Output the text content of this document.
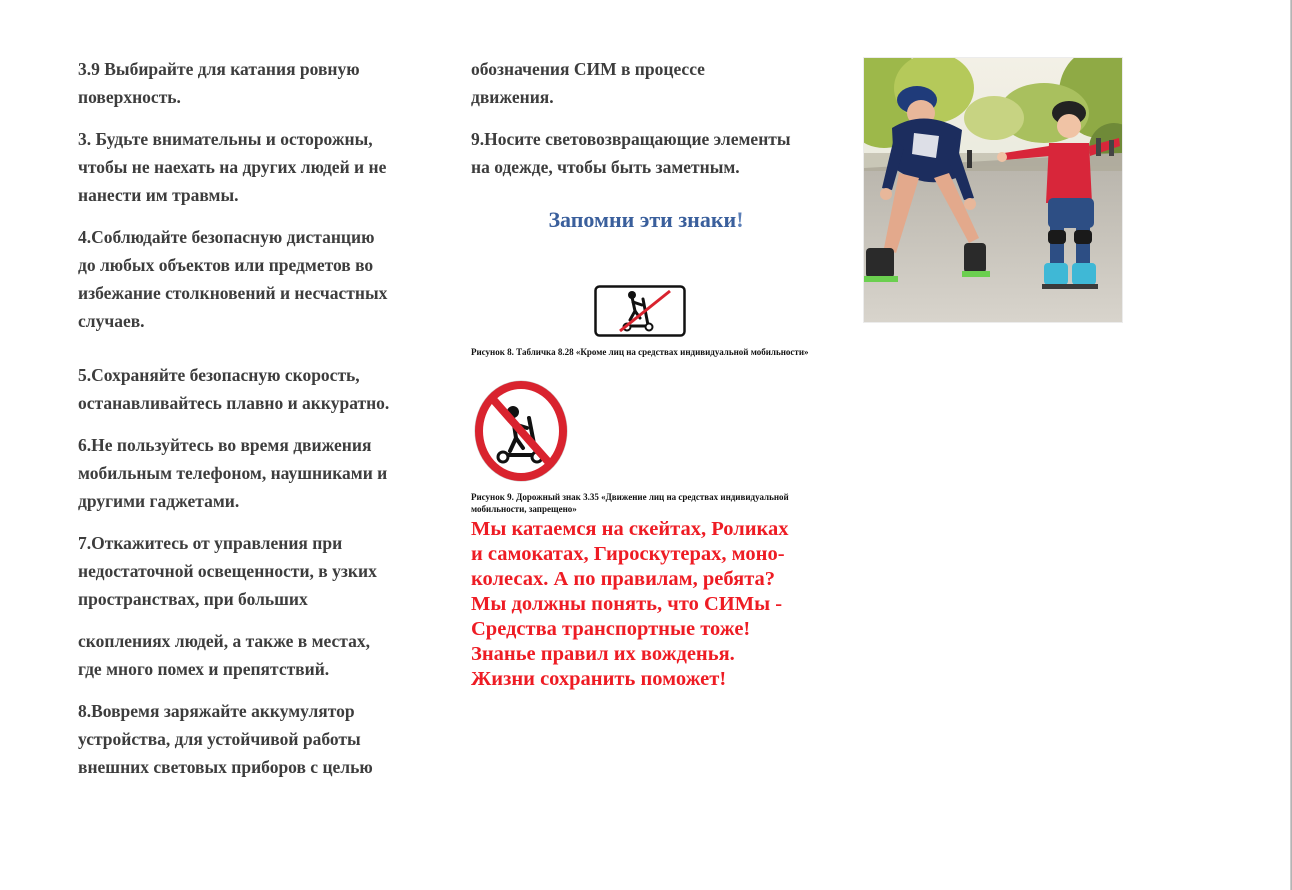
3.9 Выбирайте для катания ровную
поверхность.

3. Будьте внимательны и осторожны,
чтобы не наехать на других людей и не
нанести им травмы.

4.Соблюдайте безопасную дистанцию
до любых объектов или предметов во
избежание столкновений и несчастных
случаев.

5.Сохраняйте безопасную скорость,
останавливайтесь плавно и аккуратно.

6.Не пользуйтесь во время движения
мобильным телефоном, наушниками и
другими гаджетами.

7.Откажитесь от управления при
недостаточной освещенности, в узких
пространствах, при больших

скоплениях людей, а также в местах,
где много помех и препятствий.

8.Вовремя заряжайте аккумулятор
устройства, для устойчивой работы
внешних световых приборов с целью

обозначения СИМ в процессе
движения.

9.Носите световозвращающие элементы
на одежде, чтобы быть заметным.

Запомни эти знаки!

Рисунок 8. Табличка 8.28 «Кроме лиц на средствах индивидуальной мобильности»

Рисунок 9. Дорожный знак 3.35 «Движение лиц на средствах индивидуальной мобильности, запрещено»

Мы катаемся на скейтах, Роликах
и самокатах, Гироскутерах, моно-
колесах. А по правилам, ребята?
Мы должны понять, что СИМы -
Средства транспортные тоже!
Знанье правил их вожденья.
Жизни сохранить поможет!
